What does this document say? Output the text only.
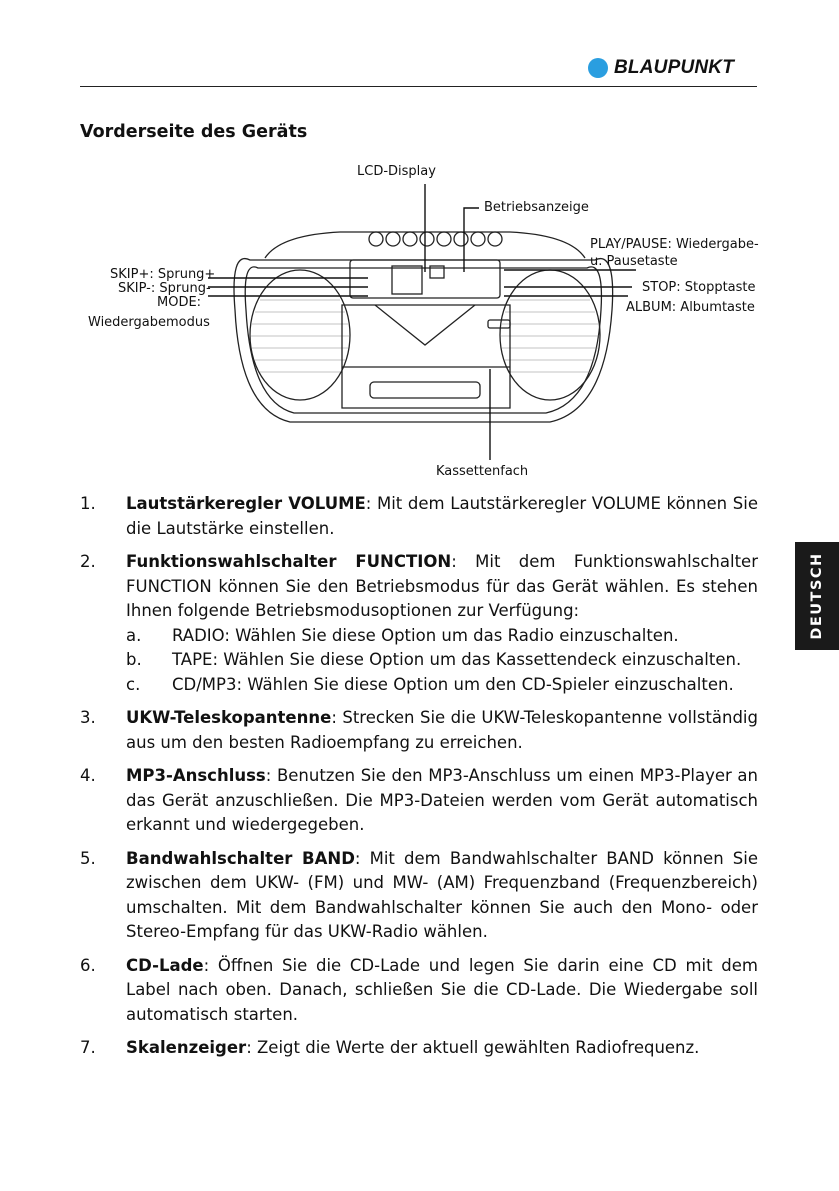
BLAUPUNKT
Vorderseite des Geräts
LCD-Display
Betriebsanzeige
PLAY/PAUSE: Wiedergabe-
u. Pausetaste
SKIP+: Sprung+
SKIP-: Sprung-
MODE:
Wiedergabemodus
STOP: Stopptaste
ALBUM: Albumtaste
Kassettenfach
DEUTSCH
1. Lautstärkeregler VOLUME: Mit dem Lautstärkeregler VOLUME können Sie die Lautstärke einstellen.
2. Funktionswahlschalter FUNCTION: Mit dem Funktionswahlschalter FUNCTION können Sie den Betriebsmodus für das Gerät wählen. Es stehen Ihnen folgende Betriebsmodusoptionen zur Verfügung:
a. RADIO: Wählen Sie diese Option um das Radio einzuschalten.
b. TAPE: Wählen Sie diese Option um das Kassettendeck einzuschalten.
c. CD/MP3: Wählen Sie diese Option um den CD-Spieler einzuschalten.
3. UKW-Teleskopantenne: Strecken Sie die UKW-Teleskopantenne vollständig aus um den besten Radioempfang zu erreichen.
4. MP3-Anschluss: Benutzen Sie den MP3-Anschluss um einen MP3-Player an das Gerät anzuschließen. Die MP3-Dateien werden vom Gerät automatisch erkannt und wiedergegeben.
5. Bandwahlschalter BAND: Mit dem Bandwahlschalter BAND können Sie zwischen dem UKW- (FM) und MW- (AM) Frequenzband (Frequenzbereich) umschalten. Mit dem Bandwahlschalter können Sie auch den Mono- oder Stereo-Empfang für das UKW-Radio wählen.
6. CD-Lade: Öffnen Sie die CD-Lade und legen Sie darin eine CD mit dem Label nach oben. Danach, schließen Sie die CD-Lade. Die Wiedergabe soll automatisch starten.
7. Skalenzeiger: Zeigt die Werte der aktuell gewählten Radiofrequenz.
